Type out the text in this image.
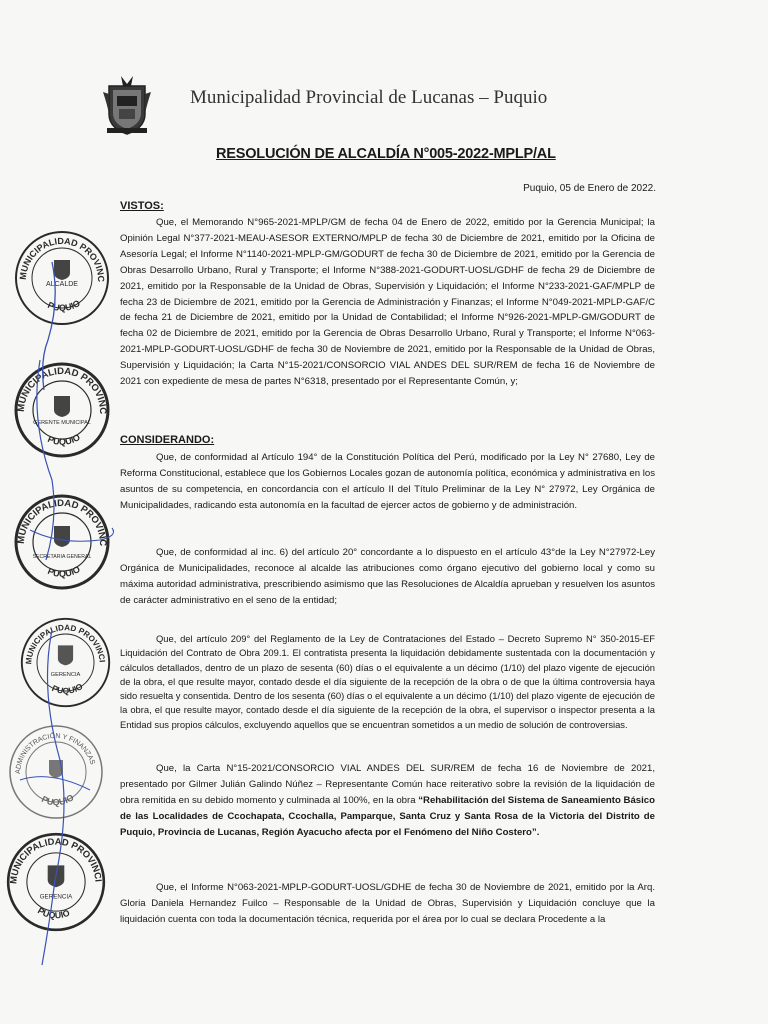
Municipalidad Provincial de Lucanas – Puquio
RESOLUCIÓN DE ALCALDÍA N°005-2022-MPLP/AL
Puquio, 05 de Enero de 2022.
VISTOS:

Que, el Memorando N°965-2021-MPLP/GM de fecha 04 de Enero de 2022, emitido por la Gerencia Municipal; la Opinión Legal N°377-2021-MEAU-ASESOR EXTERNO/MPLP de fecha 30 de Diciembre de 2021, emitido por la Oficina de Asesoría Legal; el Informe N°1140-2021-MPLP-GM/GODURT de fecha 30 de Diciembre de 2021, emitido por la Gerencia de Obras Desarrollo Urbano, Rural y Transporte; el Informe N°388-2021-GODURT-UOSL/GDHF de fecha 29 de Diciembre de 2021, emitido por la Responsable de la Unidad de Obras, Supervisión y Liquidación; el Informe N°233-2021-GAF/MPLP de fecha 23 de Diciembre de 2021, emitido por la Gerencia de Administración y Finanzas; el Informe N°049-2021-MPLP-GAF/C de fecha 21 de Diciembre de 2021, emitido por la Unidad de Contabilidad; el Informe N°926-2021-MPLP-GM/GODURT de fecha 02 de Diciembre de 2021, emitido por la Gerencia de Obras Desarrollo Urbano, Rural y Transporte; el Informe N°063-2021-MPLP-GODURT-UOSL/GDHF de fecha 30 de Noviembre de 2021, emitido por la Responsable de la Unidad de Obras, Supervisión y Liquidación; la Carta N°15-2021/CONSORCIO VIAL ANDES DEL SUR/REM de fecha 16 de Noviembre de 2021 con expediente de mesa de partes N°6318, presentado por el Representante Común, y;

CONSIDERANDO:

Que, de conformidad al Artículo 194° de la Constitución Política del Perú, modificado por la Ley N° 27680, Ley de Reforma Constitucional, establece que los Gobiernos Locales gozan de autonomía política, económica y administrativa en los asuntos de su competencia, en concordancia con el artículo II del Título Preliminar de la Ley N° 27972, Ley Orgánica de Municipalidades, radicando esta autonomía en la facultad de ejercer actos de gobierno y de administración.

Que, de conformidad al inc. 6) del artículo 20° concordante a lo dispuesto en el artículo 43°de la Ley N°27972-Ley Orgánica de Municipalidades, reconoce al alcalde las atribuciones como órgano ejecutivo del gobierno local y como su máxima autoridad administrativa, prescribiendo asimismo que las Resoluciones de Alcaldía aprueban y resuelven los asuntos de carácter administrativo en el seno de la entidad;

Que, del artículo 209° del Reglamento de la Ley de Contrataciones del Estado – Decreto Supremo N° 350-2015-EF Liquidación del Contrato de Obra 209.1. El contratista presenta la liquidación debidamente sustentada con la documentación y cálculos detallados, dentro de un plazo de sesenta (60) días o el equivalente a un décimo (1/10) del plazo vigente de ejecución de la obra, el que resulte mayor, contado desde el día siguiente de la recepción de la obra o de que la última controversia haya sido resuelta y consentida. Dentro de los sesenta (60) días o el equivalente a un décimo (1/10) del plazo vigente de ejecución de la obra, el que resulte mayor, contado desde el día siguiente de la recepción de la obra, el supervisor o inspector presenta a la Entidad sus propios cálculos, excluyendo aquellos que se encuentran sometidos a un medio de solución de controversias.

Que, la Carta N°15-2021/CONSORCIO VIAL ANDES DEL SUR/REM de fecha 16 de Noviembre de 2021, presentado por Gilmer Julián Galindo Núñez – Representante Común hace reiterativo sobre la revisión de la liquidación de obra remitida en su debido momento y culminada al 100%, en la obra “Rehabilitación del Sistema de Saneamiento Básico de las Localidades de Ccochapata, Ccochalla, Pamparque, Santa Cruz y Santa Rosa de la Victoria del Distrito de Puquio, Provincia de Lucanas, Región Ayacucho afecta por el Fenómeno del Niño Costero”.

Que, el Informe N°063-2021-MPLP-GODURT-UOSL/GDHE de fecha 30 de Noviembre de 2021, emitido por la Arq. Gloria Daniela Hernandez Fuilco – Responsable de la Unidad de Obras, Supervisión y Liquidación concluye que la liquidación cuenta con toda la documentación técnica, requerida por el área por lo cual se declara Procedente a la

MUNICIPALIDAD PROVINC
PUQUIO
ALCALDE
MUNICIPALIDAD PROVINC
PUQUIO
GERENTE MUNICIPAL
MUNICIPALIDAD PROVINC
PUQUIO
SECRETARIA GENERAL
MUNICIPALIDAD PROVINCI
PUQUIO
GERENCIA
ADMINISTRACIÓN Y FINANZAS
PUQUIO
MUNICIPALIDAD PROVINCI
PUQUIO
GERENCIA
